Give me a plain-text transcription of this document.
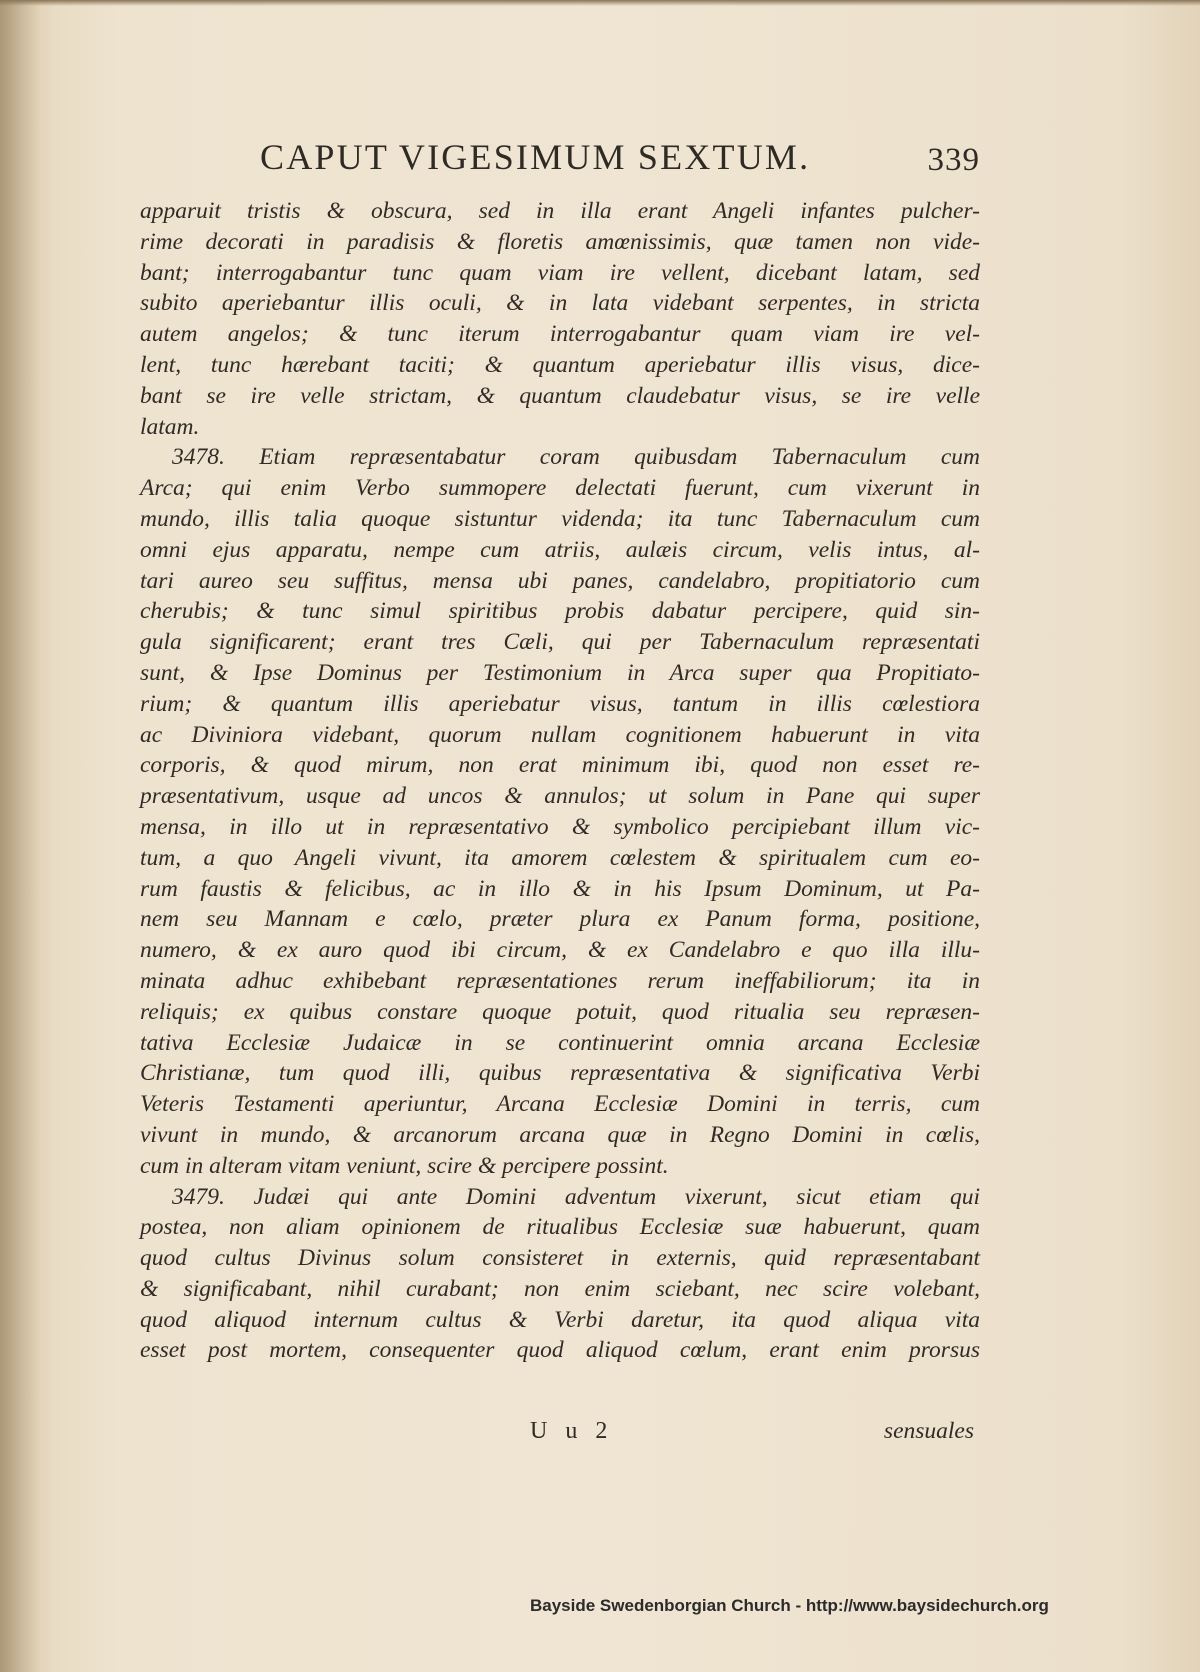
CAPUT VIGESIMUM SEXTUM.	339
apparuit tristis & obscura, sed in illa erant Angeli infantes pulcher-
rime decorati in paradisis & floretis amœnissimis, quæ tamen non vide-
bant; interrogabantur tunc quam viam ire vellent, dicebant latam, sed
subito aperiebantur illis oculi, & in lata videbant serpentes, in stricta
autem angelos; & tunc iterum interrogabantur quam viam ire vel-
lent, tunc hærebant taciti; & quantum aperiebatur illis visus, dice-
bant se ire velle strictam, & quantum claudebatur visus, se ire velle
latam.
3478. Etiam repræsentabatur coram quibusdam Tabernaculum cum
Arca; qui enim Verbo summopere delectati fuerunt, cum vixerunt in
mundo, illis talia quoque sistuntur videnda; ita tunc Tabernaculum cum
omni ejus apparatu, nempe cum atriis, aulæis circum, velis intus, al-
tari aureo seu suffitus, mensa ubi panes, candelabro, propitiatorio cum
cherubis; & tunc simul spiritibus probis dabatur percipere, quid sin-
gula significarent; erant tres Cæli, qui per Tabernaculum repræsentati
sunt, & Ipse Dominus per Testimonium in Arca super qua Propitiato-
rium; & quantum illis aperiebatur visus, tantum in illis cœlestiora
ac Diviniora videbant, quorum nullam cognitionem habuerunt in vita
corporis, & quod mirum, non erat minimum ibi, quod non esset re-
præsentativum, usque ad uncos & annulos; ut solum in Pane qui super
mensa, in illo ut in repræsentativo & symbolico percipiebant illum vic-
tum, a quo Angeli vivunt, ita amorem cœlestem & spiritualem cum eo-
rum faustis & felicibus, ac in illo & in his Ipsum Dominum, ut Pa-
nem seu Mannam e cœlo, præter plura ex Panum forma, positione,
numero, & ex auro quod ibi circum, & ex Candelabro e quo illa illu-
minata adhuc exhibebant repræsentationes rerum ineffabiliorum; ita in
reliquis; ex quibus constare quoque potuit, quod ritualia seu repræsen-
tativa Ecclesiæ Judaicæ in se continuerint omnia arcana Ecclesiæ
Christianæ, tum quod illi, quibus repræsentativa & significativa Verbi
Veteris Testamenti aperiuntur, Arcana Ecclesiæ Domini in terris, cum
vivunt in mundo, & arcanorum arcana quæ in Regno Domini in cœlis,
cum in alteram vitam veniunt, scire & percipere possint.
3479. Judæi qui ante Domini adventum vixerunt, sicut etiam qui
postea, non aliam opinionem de ritualibus Ecclesiæ suæ habuerunt, quam
quod cultus Divinus solum consisteret in externis, quid repræsentabant
& significabant, nihil curabant; non enim sciebant, nec scire volebant,
quod aliquod internum cultus & Verbi daretur, ita quod aliqua vita
esset post mortem, consequenter quod aliquod cœlum, erant enim prorsus
U u 2	sensuales
Bayside Swedenborgian Church - http://www.baysidechurch.org
